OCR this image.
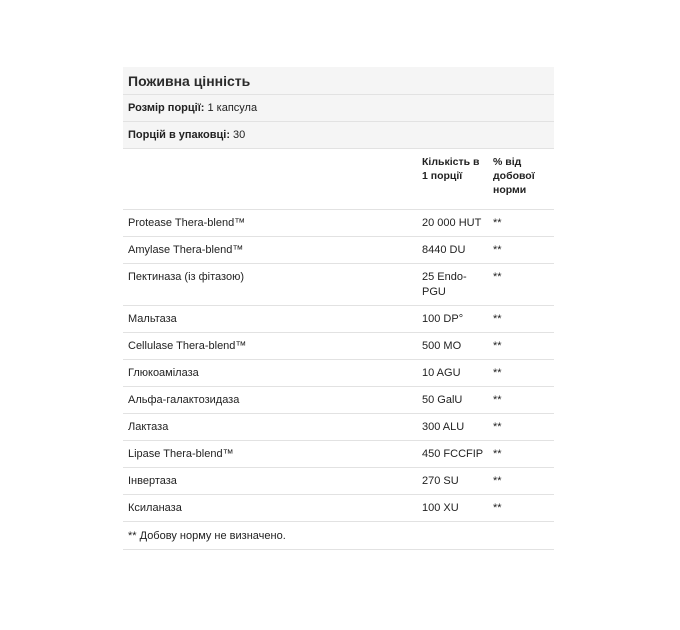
Поживна цінність
Розмір порції: 1 капсула
Порцій в упаковці: 30
	Кількість в 1 порції	% від добової норми
Protease Thera-blend™	20 000 HUT	**
Amylase Thera-blend™	8440 DU	**
Пектиназа (із фітазою)	25 Endo-PGU	**
Мальтаза	100 DP°	**
Cellulase Thera-blend™	500 MO	**
Глюкоамілаза	10 AGU	**
Альфа-галактозидаза	50 GalU	**
Лактаза	300 ALU	**
Lipase Thera-blend™	450 FCCFIP	**
Інвертаза	270 SU	**
Ксиланаза	100 XU	**
** Добову норму не визначено.
